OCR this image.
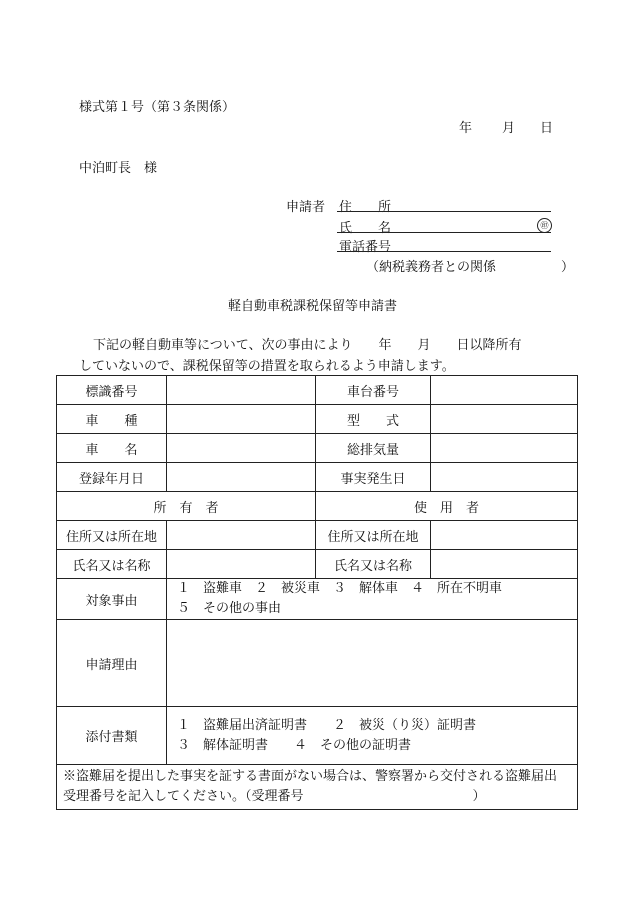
様式第１号（第３条関係）
年 月 日
中泊町長　様
申請者 住　　所
氏　　名	㊞
電話番号
（納税義務者との関係　　　　　）
軽自動車税課税保留等申請書
下記の軽自動車等について、次の事由により　　年　　月　　日以降所有
していないので、課税保留等の措置を取られるよう申請します。
標識番号		車台番号	
車　　種		型　　式	
車　　名		総排気量	
登録年月日		事実発生日	
所　有　者		使　用　者	
住所又は所在地		住所又は所在地	
氏名又は名称		氏名又は名称	
対象事由	１　盗難車　２　被災車　３　解体車　４　所在不明車
５　その他の事由		

申請理由			
添付書類	１　盗難届出済証明書　　２　被災（り災）証明書
３　解体証明書　　４　その他の証明書		

※盗難届を提出した事実を証する書面がない場合は、警察署から交付される盗難届出
受理番号を記入してください。（受理番号　　　　　　　　　　　　　）			
